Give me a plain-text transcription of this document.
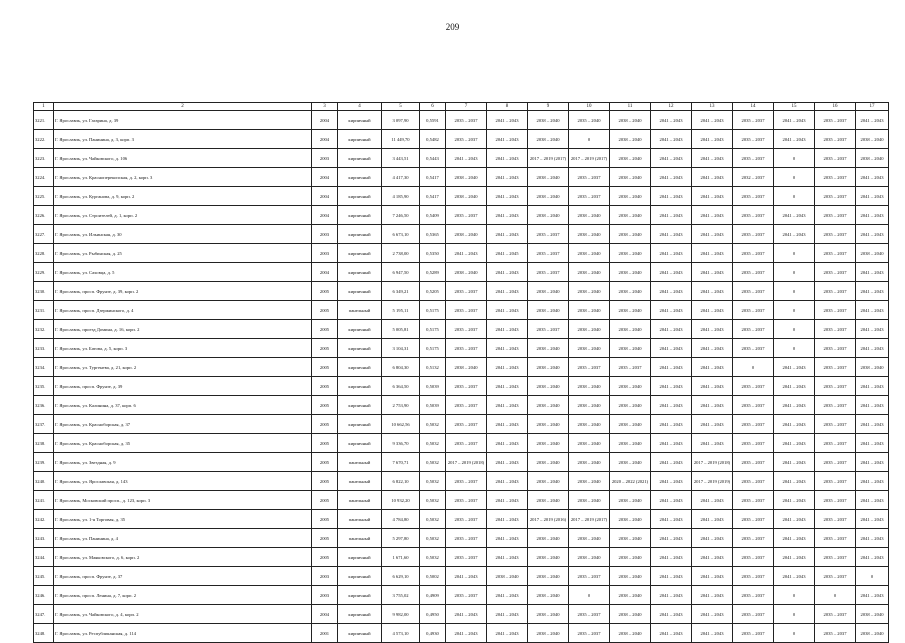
209
1	2	3	4	5	6	7	8	9	10	11	12	13	14	15	16	17
3221.	Г. Ярославль, ул. Гагарина, д. 39	2004	кирпичный	3 097,90	0,5591	2035 – 2037	2041 – 2043	2038 – 2040	2035 – 2040	2038 – 2040	2041 – 2043	2041 – 2043	2035 – 2037	2041 – 2043	2035 – 2037	2041 – 2043
3222.	Г. Ярославль, ул. Панинина, д. 3, корп. 3	2004	кирпичный	11 449,70	0,5482	2035 – 2037	2041 – 2043	2038 – 2040	0	2038 – 2040	2041 – 2043	2041 – 2043	2035 – 2037	2041 – 2043	2035 – 2037	2038 – 2040
3223.	Г. Ярославль, ул. Чайковского, д. 106	2003	кирпичный	3 443,51	0,5443	2041 – 2043	2041 – 2043	2017 – 2019 (2017)	2017 – 2019 (2017)	2038 – 2040	2041 – 2043	2041 – 2043	2035 – 2037	0	2035 – 2037	2038 – 2040
3224.	Г. Ярославль, ул. Красноперекопская, д. 2, корп. 3	2004	кирпичный	4 417,30	0,5417	2038 – 2040	2041 – 2043	2038 – 2040	2035 – 2037	2038 – 2040	2041 – 2043	2041 – 2043	2032 – 2037	0	2035 – 2037	2041 – 2043
3225.	Г. Ярославль, ул. Курганова, д. 9, корп. 2	2004	кирпичный	4 185,90	0,5417	2038 – 2040	2041 – 2043	2038 – 2040	2035 – 2037	2038 – 2040	2041 – 2043	2041 – 2043	2035 – 2037	0	2035 – 2037	2041 – 2043
3226.	Г. Ярославль, ул. Строителей, д. 1, корп. 2	2004	кирпичный	7 246,50	0,5409	2035 – 2037	2041 – 2043	2038 – 2040	2038 – 2040	2038 – 2040	2041 – 2043	2041 – 2043	2035 – 2037	2041 – 2043	2035 – 2037	2041 – 2043
3227.	Г. Ярославль, ул. Ильинская, д. 30	2003	кирпичный	6 673,10	0,5365	2038 – 2040	2041 – 2043	2035 – 2037	2038 – 2040	2038 – 2040	2041 – 2043	2041 – 2043	2035 – 2037	2041 – 2043	2035 – 2037	2041 – 2043
3228.	Г. Ярославль, ул. Рыбинская, д. 25	2003	кирпичный	2 738,00	0,5350	2041 – 2043	2041 – 2045	2035 – 2037	2038 – 2040	2038 – 2040	2041 – 2043	2041 – 2043	2035 – 2037	0	2035 – 2037	2038 – 2040
3229.	Г. Ярославль, ул. Саховца, д. 5	2004	кирпичный	6 947,50	0,5289	2038 – 2040	2041 – 2043	2035 – 2037	2038 – 2040	2038 – 2040	2041 – 2043	2041 – 2043	2035 – 2037	0	2035 – 2037	2041 – 2043
3230.	Г. Ярославль, просп. Фрунзе, д. 39, корп. 2	2005	кирпичный	6 349,21	0,5205	2035 – 2037	2041 – 2043	2038 – 2040	2038 – 2040	2038 – 2040	2041 – 2043	2041 – 2043	2035 – 2037	0	2035 – 2037	2041 – 2043
3231.	Г. Ярославль, просп. Дзержинского, д. 4	2005	панельный	5 195,11	0,5175	2035 – 2037	2041 – 2043	2038 – 2040	2038 – 2040	2038 – 2040	2041 – 2043	2041 – 2043	2035 – 2037	0	2035 – 2037	2041 – 2043
3232.	Г. Ярославль, проезд Домина, д. 16, корп. 2	2005	кирпичный	5 005,81	0,5175	2035 – 2037	2041 – 2043	2035 – 2037	2038 – 2040	2038 – 2040	2041 – 2043	2041 – 2043	2035 – 2037	0	2035 – 2037	2041 – 2043
3233.	Г. Ярославль, ул. Батова, д. 5, корп. 3	2005	кирпичный	3 104,31	0,5175	2035 – 2037	2041 – 2043	2038 – 2040	2038 – 2040	2038 – 2040	2041 – 2043	2041 – 2043	2035 – 2037	0	2035 – 2037	2041 – 2043
3234.	Г. Ярославль, ул. Тургенева, д. 21, корп. 2	2005	кирпичный	6 804,30	0,5132	2038 – 2040	2041 – 2043	2038 – 2040	2035 – 2037	2035 – 2037	2041 – 2043	2041 – 2043	0	2041 – 2043	2035 – 2037	2038 – 2040
3235.	Г. Ярославль, просп. Фрунзе, д. 39	2005	кирпичный	6 364,50	0,5039	2035 – 2037	2041 – 2043	2038 – 2040	2038 – 2040	2038 – 2040	2041 – 2043	2041 – 2043	2035 – 2037	2041 – 2043	2035 – 2037	2041 – 2043
3236.	Г. Ярославль, ул. Калинина, д. 37, корп. 6	2005	кирпичный	2 753,90	0,5039	2035 – 2037	2041 – 2043	2038 – 2040	2038 – 2040	2038 – 2040	2041 – 2043	2041 – 2043	2035 – 2037	2041 – 2043	2035 – 2037	2041 – 2043
3237.	Г. Ярославль, ул. Красноборская, д. 37	2005	кирпичный	10 662,56	0,5032	2035 – 2037	2041 – 2043	2038 – 2040	2038 – 2040	2038 – 2040	2041 – 2043	2041 – 2043	2035 – 2037	2041 – 2043	2035 – 2037	2041 – 2043
3238.	Г. Ярославль, ул. Красноборская, д. 35	2005	кирпичный	9 336,70	0,5032	2035 – 2037	2041 – 2043	2038 – 2040	2038 – 2040	2038 – 2040	2041 – 2043	2041 – 2043	2035 – 2037	2041 – 2043	2035 – 2037	2041 – 2043
3239.	Г. Ярославль, ул. Звездная, д. 9	2005	панельный	7 670,71	0,5032	2017 – 2019 (2018)	2041 – 2043	2038 – 2040	2038 – 2040	2038 – 2040	2041 – 2043	2017 – 2019 (2018)	2035 – 2037	2041 – 2043	2035 – 2037	2041 – 2043
3240.	Г. Ярославль, ул. Ярославская, д. 143	2005	панельный	6 822,10	0,5032	2035 – 2037	2041 – 2043	2038 – 2040	2038 – 2040	2020 – 2022 (2021)	2041 – 2043	2017 – 2019 (2019)	2035 – 2037	2041 – 2043	2035 – 2037	2041 – 2043
3241.	Г. Ярославль, Московский просп., д. 123, корп. 3	2005	панельный	10 932,20	0,5032	2035 – 2037	2041 – 2043	2038 – 2040	2038 – 2040	2038 – 2040	2041 – 2043	2041 – 2043	2035 – 2037	2041 – 2043	2035 – 2037	2041 – 2043
3242.	Г. Ярославль, ул. 1-я Торговая, д. 35	2005	панельный	4 784,80	0,5032	2035 – 2037	2041 – 2043	2017 – 2019 (2016)	2017 – 2019 (2017)	2038 – 2040	2041 – 2043	2041 – 2043	2035 – 2037	2041 – 2043	2035 – 2037	2041 – 2043
3243.	Г. Ярославль, ул. Панинина, д. 4	2005	панельный	5 297,80	0,5032	2035 – 2037	2041 – 2043	2038 – 2040	2038 – 2040	2038 – 2040	2041 – 2043	2041 – 2043	2035 – 2037	2041 – 2043	2035 – 2037	2041 – 2043
3244.	Г. Ярославль, ул. Маяковского, д. 6, корп. 2	2005	кирпичный	1 671,60	0,5032	2035 – 2037	2041 – 2043	2038 – 2040	2038 – 2040	2038 – 2040	2041 – 2043	2041 – 2043	2035 – 2037	2041 – 2043	2035 – 2037	2041 – 2043
3245.	Г. Ярославль, просп. Фрунзе, д. 37	2003	кирпичный	6 629,10	0,5002	2041 – 2043	2038 – 2040	2038 – 2040	2035 – 2037	2038 – 2040	2041 – 2043	2041 – 2043	2035 – 2037	2041 – 2043	2035 – 2037	0
3246.	Г. Ярославль, просп. Ленина, д. 7, корп. 2	2003	кирпичный	3 755,02	0,4909	2035 – 2037	2041 – 2043	2038 – 2040	0	2038 – 2040	2041 – 2043	2041 – 2043	2035 – 2037	0	0	2041 – 2043
3247.	Г. Ярославль, ул. Чайковского, д. 4, корп. 2	2004	кирпичный	9 982,00	0,4950	2041 – 2043	2041 – 2043	2038 – 2040	2035 – 2037	2038 – 2040	2041 – 2043	2041 – 2043	2035 – 2037	0	2035 – 2037	2038 – 2040
3248.	Г. Ярославль, ул. Республиканская, д. 114	2001	кирпичный	4 573,10	0,4930	2041 – 2043	2041 – 2043	2038 – 2040	2035 – 2037	2038 – 2040	2041 – 2043	2041 – 2043	2035 – 2037	0	2035 – 2037	2038 – 2040
